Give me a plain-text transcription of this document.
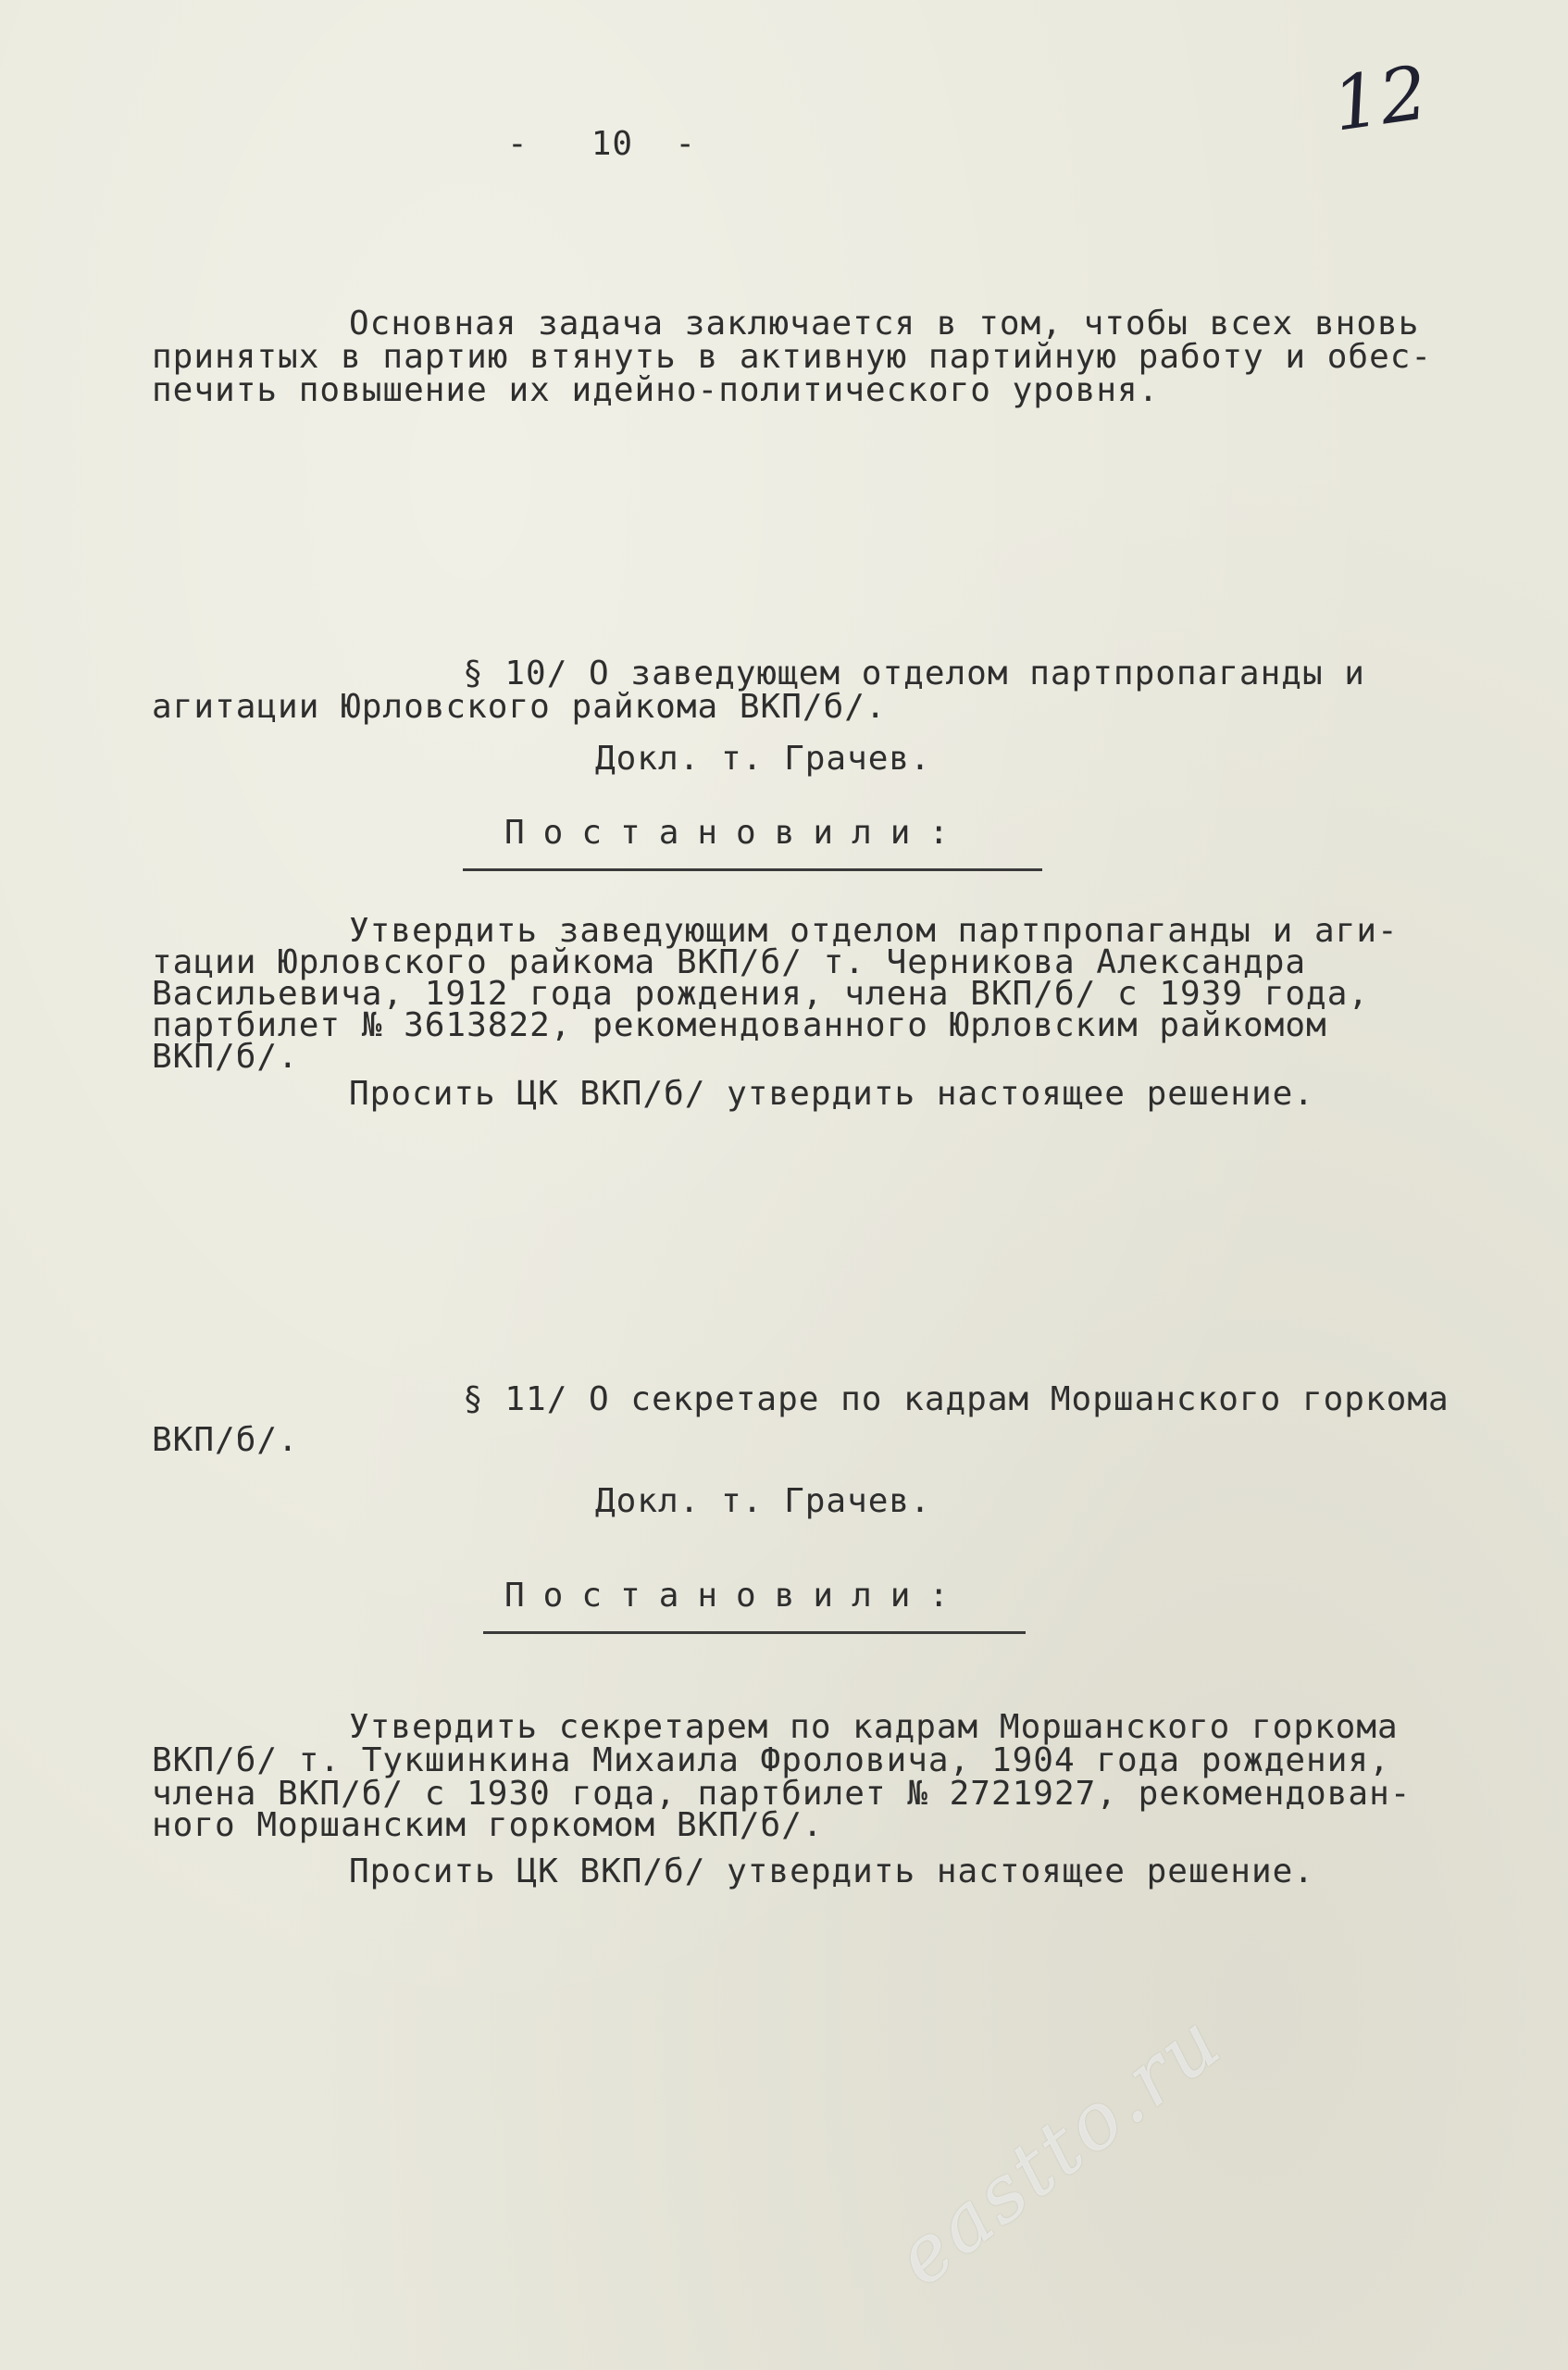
-   10  -	12
Основная задача заключается в том, чтобы всех вновь
принятых в партию втянуть в активную партийную работу и обес-
печить повышение их идейно-политического уровня.
§ 10/ О заведующем отделом партпропаганды и
агитации Юрловского райкома ВКП/б/.
Докл. т. Грачев.
Постановили:
Утвердить заведующим отделом партпропаганды и аги-
тации Юрловского райкома ВКП/б/ т. Черникова Александра
Васильевича, 1912 года рождения, члена ВКП/б/ с 1939 года,
партбилет № 3613822, рекомендованного Юрловским райкомом
ВКП/б/.
Просить ЦК ВКП/б/ утвердить настоящее решение.
§ 11/ О секретаре по кадрам Моршанского горкома
ВКП/б/.
Докл. т. Грачев.
Постановили:
Утвердить секретарем по кадрам Моршанского горкома
ВКП/б/ т. Тукшинкина Михаила Фроловича, 1904 года рождения,
члена ВКП/б/ с 1930 года, партбилет № 2721927, рекомендован-
ного Моршанским горкомом ВКП/б/.
Просить ЦК ВКП/б/ утвердить настоящее решение.
eastto.ru
